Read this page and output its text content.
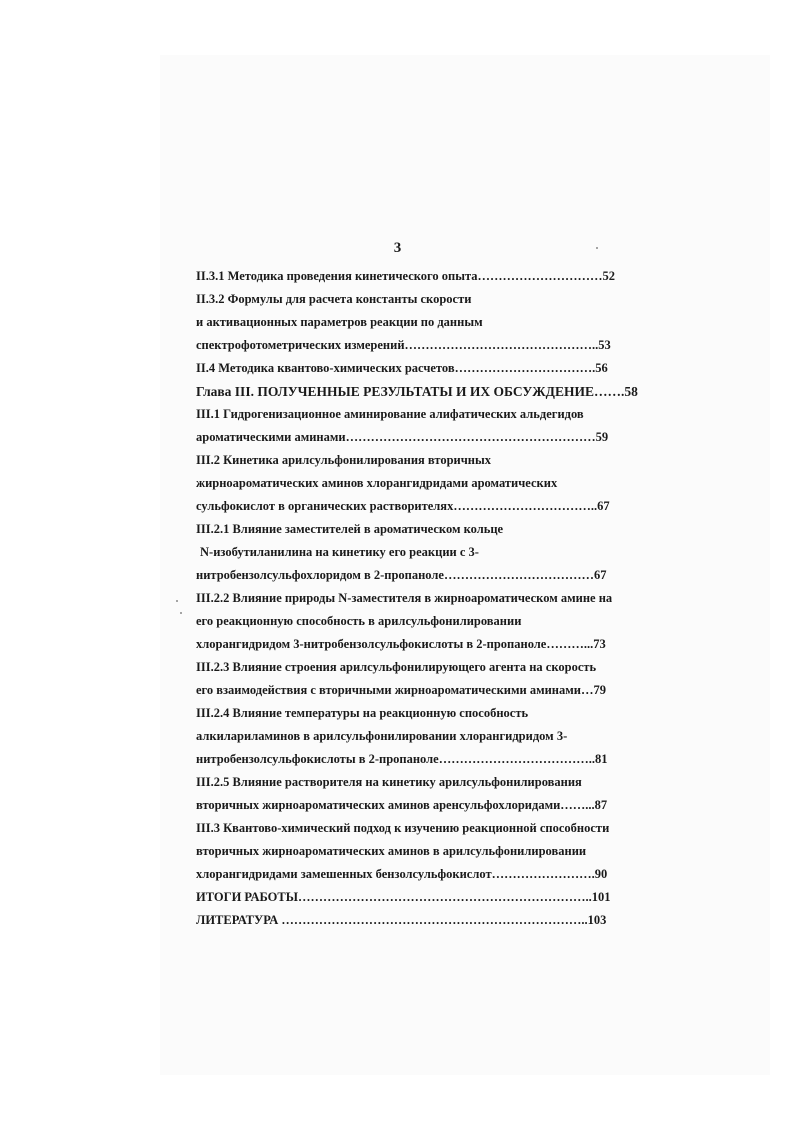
3
II.3.1 Методика проведения кинетического опыта…………………………52
II.3.2 Формулы для расчета константы скорости
и активационных параметров реакции по данным
спектрофотометрических измерений………………………………………..53
II.4 Методика квантово-химических расчетов…………………………….56
Глава III. ПОЛУЧЕННЫЕ РЕЗУЛЬТАТЫ И ИХ ОБСУЖДЕНИЕ…….58
III.1 Гидрогенизационное аминирование алифатических альдегидов
ароматическими аминами……………………………………………………59
III.2 Кинетика арилсульфонилирования вторичных
жирноароматических аминов хлорангидридами ароматических
сульфокислот в органических растворителях……………………………..67
III.2.1 Влияние заместителей в ароматическом кольце
N-изобутиланилина на кинетику его реакции с 3-
нитробензолсульфохлоридом в 2-пропаноле………………………………67
III.2.2 Влияние природы N-заместителя в жирноароматическом амине на
его реакционную способность в арилсульфонилировании
хлорангидридом 3-нитробензолсульфокислоты в 2-пропаноле………...73
III.2.3 Влияние строения арилсульфонилирующего агента на скорость
его взаимодействия с вторичными жирноароматическими аминами…79
III.2.4 Влияние температуры на реакционную способность
алкилариламинов в арилсульфонилировании хлорангидридом 3-
нитробензолсульфокислоты в 2-пропаноле………………………………..81
III.2.5 Влияние растворителя на кинетику арилсульфонилирования
вторичных жирноароматических аминов аренсульфохлоридами……...87
III.3 Квантово-химический подход к изучению реакционной способности
вторичных жирноароматических аминов в арилсульфонилировании
хлорангидридами замешенных бензолсульфокислот…………………….90
ИТОГИ РАБОТЫ……………………………………………………………..101
ЛИТЕРАТУРА ………………………………………………………………..103
